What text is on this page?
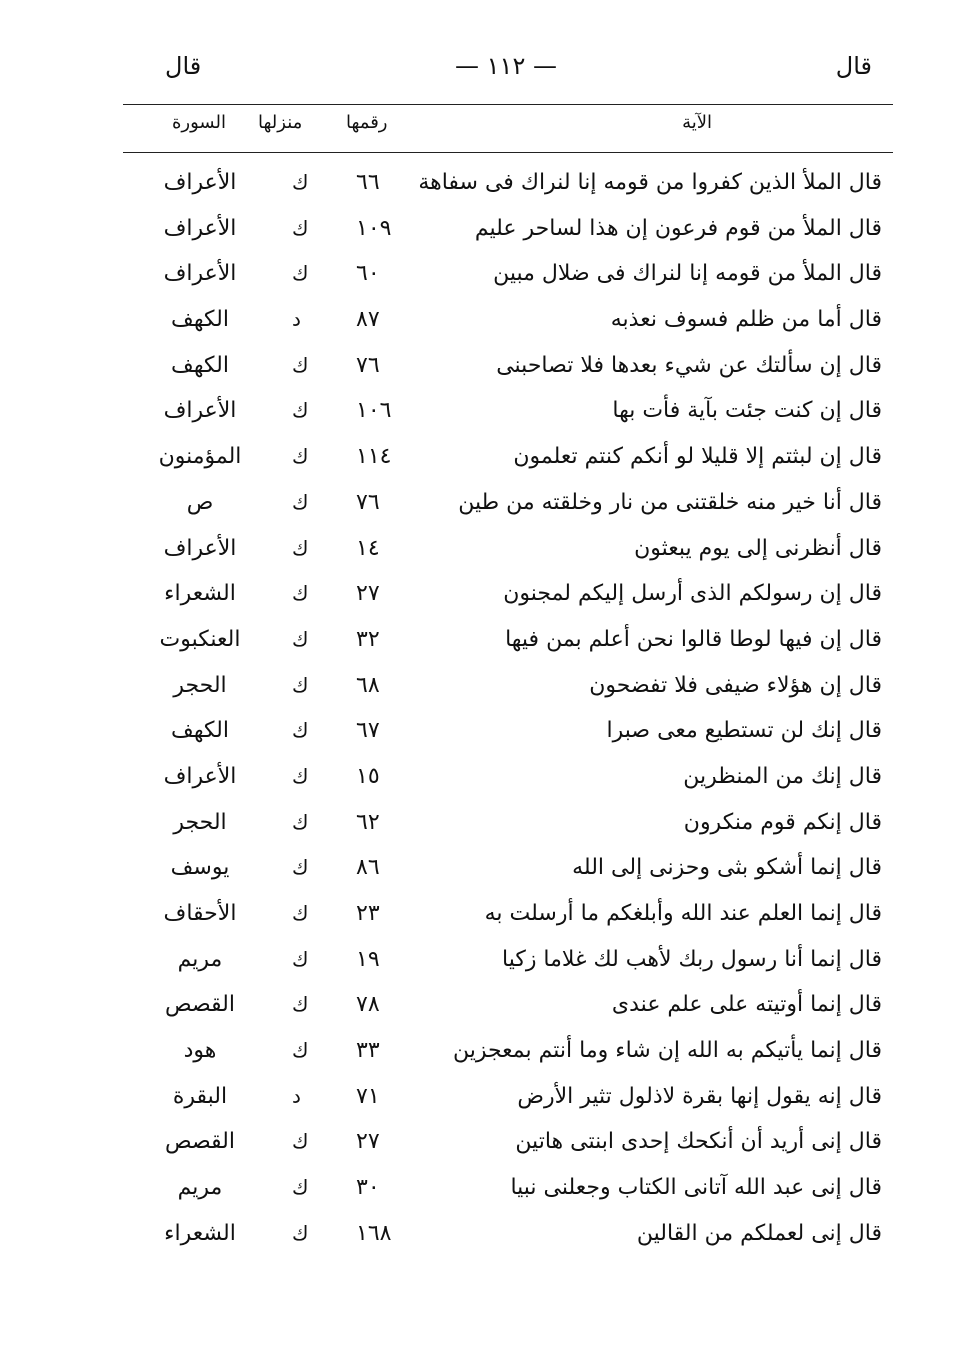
قال
— ١١٢ —
قال
الآية
رقمها
منزلها
السورة
قال الملأ الذين كفروا من قومه إنا لنراك فى سفاهة
٦٦
ك
الأعراف
قال الملأ من قوم فرعون إن هذا لساحر عليم
١٠٩
ك
الأعراف
قال الملأ من قومه إنا لنراك فى ضلال مبين
٦٠
ك
الأعراف
قال أما من ظلم فسوف نعذبه
٨٧
د
الكهف
قال إن سألتك عن شيء بعدها فلا تصاحبنى
٧٦
ك
الكهف
قال إن كنت جئت بآية فأت بها
١٠٦
ك
الأعراف
قال إن لبثتم إلا قليلا لو أنكم كنتم تعلمون
١١٤
ك
المؤمنون
قال أنا خير منه خلقتنى من نار وخلقته من طين
٧٦
ك
ص
قال أنظرنى إلى يوم يبعثون
١٤
ك
الأعراف
قال إن رسولكم الذى أرسل إليكم لمجنون
٢٧
ك
الشعراء
قال إن فيها لوطا قالوا نحن أعلم بمن فيها
٣٢
ك
العنكبوت
قال إن هؤلاء ضيفى فلا تفضحون
٦٨
ك
الحجر
قال إنك لن تستطيع معى صبرا
٦٧
ك
الكهف
قال إنك من المنظرين
١٥
ك
الأعراف
قال إنكم قوم منكرون
٦٢
ك
الحجر
قال إنما أشكو بثى وحزنى إلى الله
٨٦
ك
يوسف
قال إنما العلم عند الله وأبلغكم ما أرسلت به
٢٣
ك
الأحقاف
قال إنما أنا رسول ربك لأهب لك غلاما زكيا
١٩
ك
مريم
قال إنما أوتيته على علم عندى
٧٨
ك
القصص
قال إنما يأتيكم به الله إن شاء وما أنتم بمعجزين
٣٣
ك
هود
قال إنه يقول إنها بقرة لاذلول تثير الأرض
٧١
د
البقرة
قال إنى أريد أن أنكحك إحدى ابنتى هاتين
٢٧
ك
القصص
قال إنى عبد الله آتانى الكتاب وجعلنى نبيا
٣٠
ك
مريم
قال إنى لعملكم من القالين
١٦٨
ك
الشعراء
